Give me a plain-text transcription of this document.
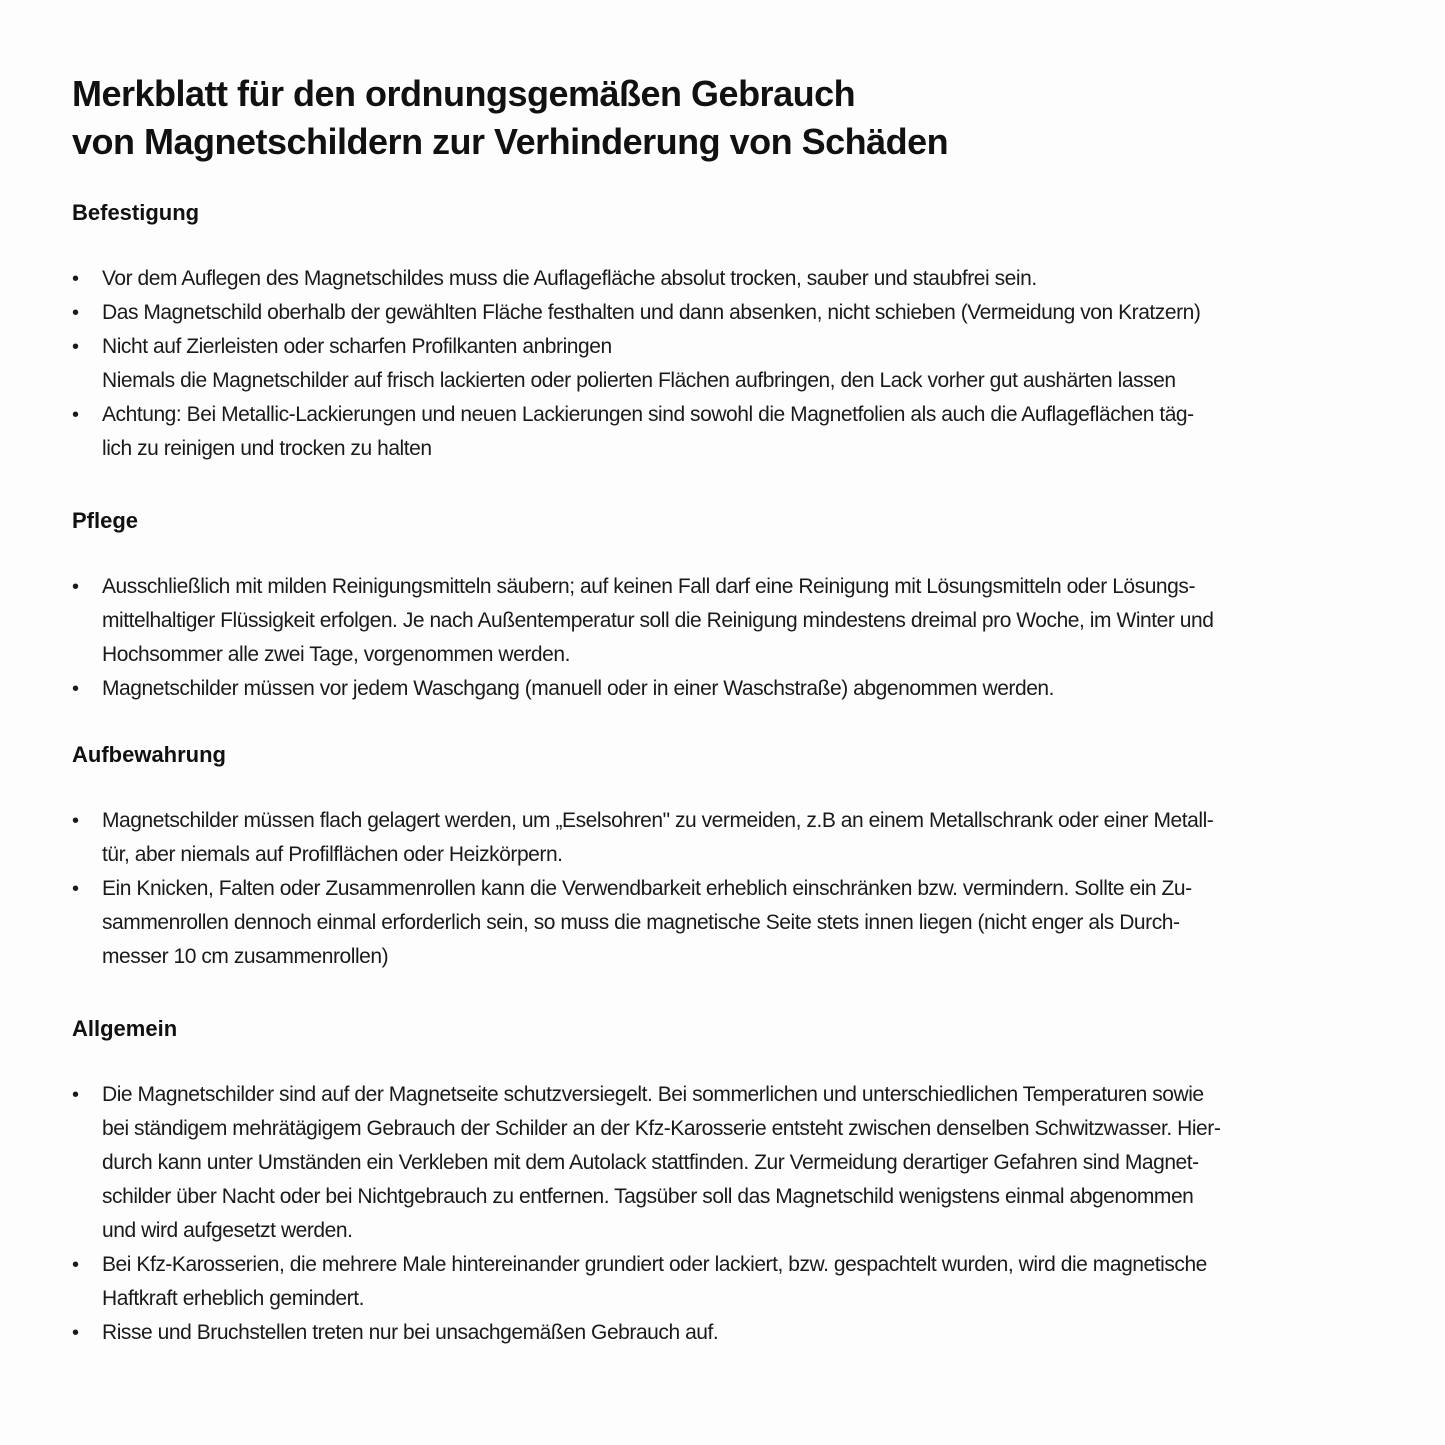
Merkblatt für den ordnungsgemäßen Gebrauch
von Magnetschildern zur Verhinderung von Schäden
Befestigung
• Vor dem Auflegen des Magnetschildes muss die Auflagefläche absolut trocken, sauber und staubfrei sein.
• Das Magnetschild oberhalb der gewählten Fläche festhalten und dann absenken, nicht schieben (Vermeidung von Kratzern)
• Nicht auf Zierleisten oder scharfen Profilkanten anbringen
Niemals die Magnetschilder auf frisch lackierten oder polierten Flächen aufbringen, den Lack vorher gut aushärten lassen
• Achtung: Bei Metallic-Lackierungen und neuen Lackierungen sind sowohl die Magnetfolien als auch die Auflageflächen täg-
lich zu reinigen und trocken zu halten
Pflege
• Ausschließlich mit milden Reinigungsmitteln säubern; auf keinen Fall darf eine Reinigung mit Lösungsmitteln oder Lösungs-
mittelhaltiger Flüssigkeit erfolgen. Je nach Außentemperatur soll die Reinigung mindestens dreimal pro Woche, im Winter und
Hochsommer alle zwei Tage, vorgenommen werden.
• Magnetschilder müssen vor jedem Waschgang (manuell oder in einer Waschstraße) abgenommen werden.
Aufbewahrung
• Magnetschilder müssen flach gelagert werden, um „Eselsohren" zu vermeiden, z.B an einem Metallschrank oder einer Metall-
tür, aber niemals auf Profilflächen oder Heizkörpern.
• Ein Knicken, Falten oder Zusammenrollen kann die Verwendbarkeit erheblich einschränken bzw. vermindern. Sollte ein Zu-
sammenrollen dennoch einmal erforderlich sein, so muss die magnetische Seite stets innen liegen (nicht enger als Durch-
messer 10 cm zusammenrollen)
Allgemein
• Die Magnetschilder sind auf der Magnetseite schutzversiegelt. Bei sommerlichen und unterschiedlichen Temperaturen sowie
bei ständigem mehrätägigem Gebrauch der Schilder an der Kfz-Karosserie entsteht zwischen denselben Schwitzwasser. Hier-
durch kann unter Umständen ein Verkleben mit dem Autolack stattfinden. Zur Vermeidung derartiger Gefahren sind Magnet-
schilder über Nacht oder bei Nichtgebrauch zu entfernen. Tagsüber soll das Magnetschild wenigstens einmal abgenommen
und wird aufgesetzt werden.
• Bei Kfz-Karosserien, die mehrere Male hintereinander grundiert oder lackiert, bzw. gespachtelt wurden, wird die magnetische
Haftkraft erheblich gemindert.
• Risse und Bruchstellen treten nur bei unsachgemäßen Gebrauch auf.
